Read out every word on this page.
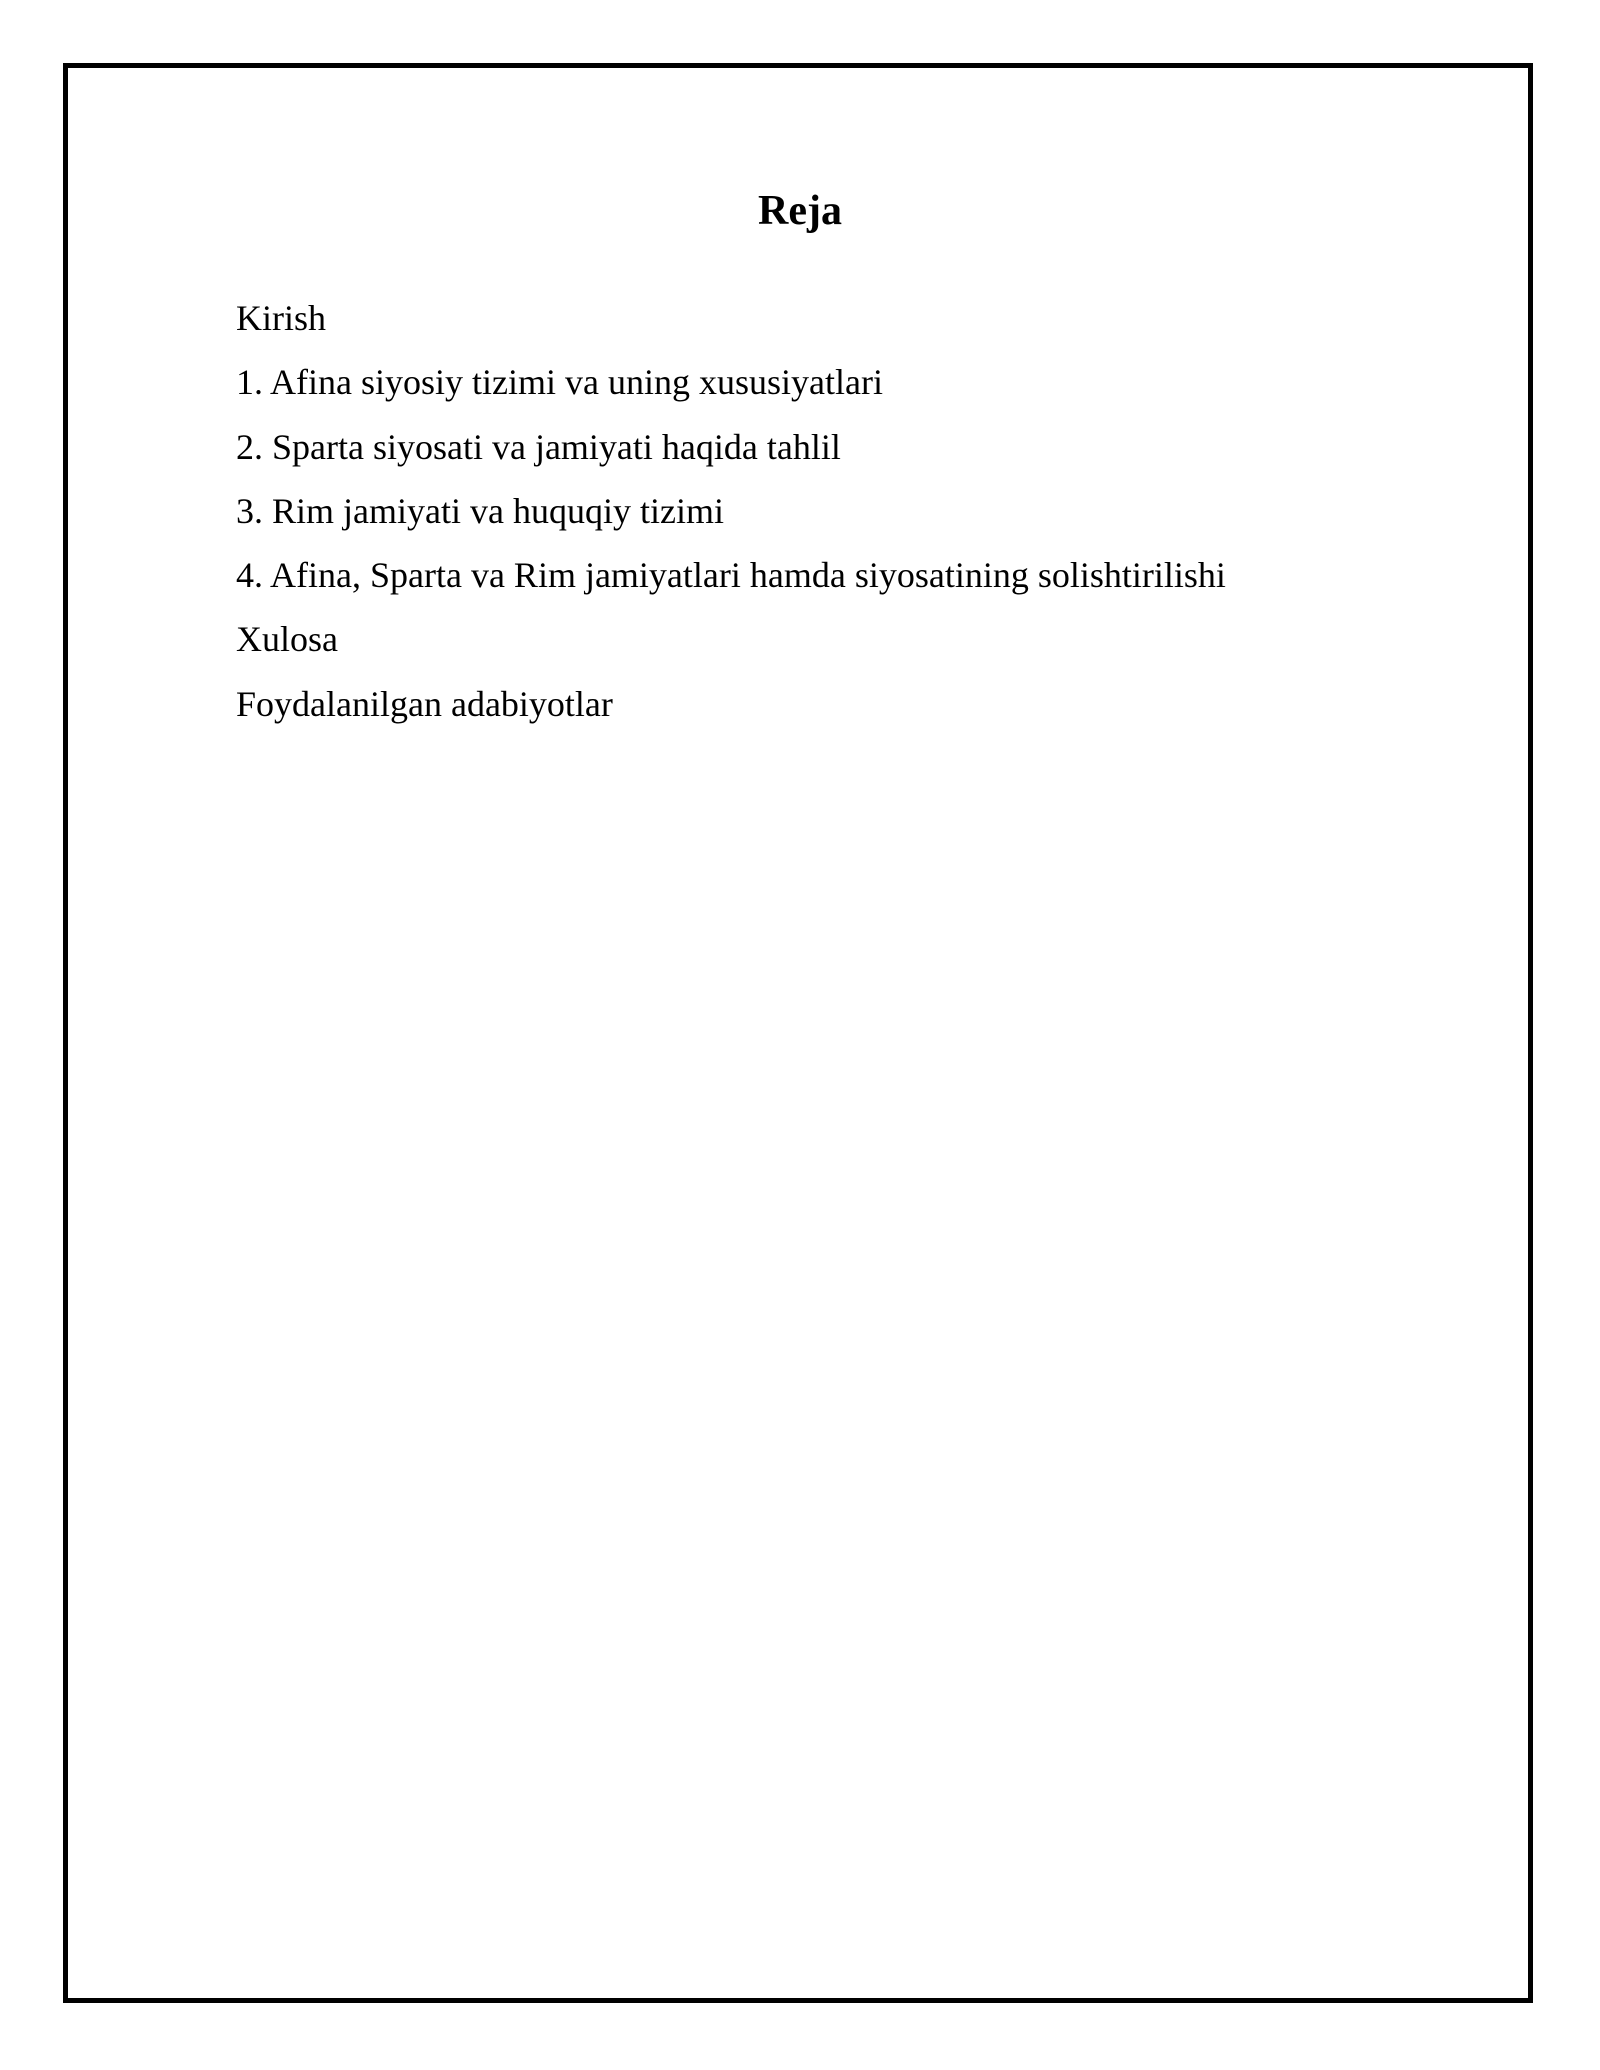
Reja
Kirish
1. Afina siyosiy tizimi va uning xususiyatlari
2. Sparta siyosati va jamiyati haqida tahlil
3. Rim jamiyati va huquqiy tizimi
4. Afina, Sparta va Rim jamiyatlari hamda siyosatining solishtirilishi
Xulosa
Foydalanilgan adabiyotlar
